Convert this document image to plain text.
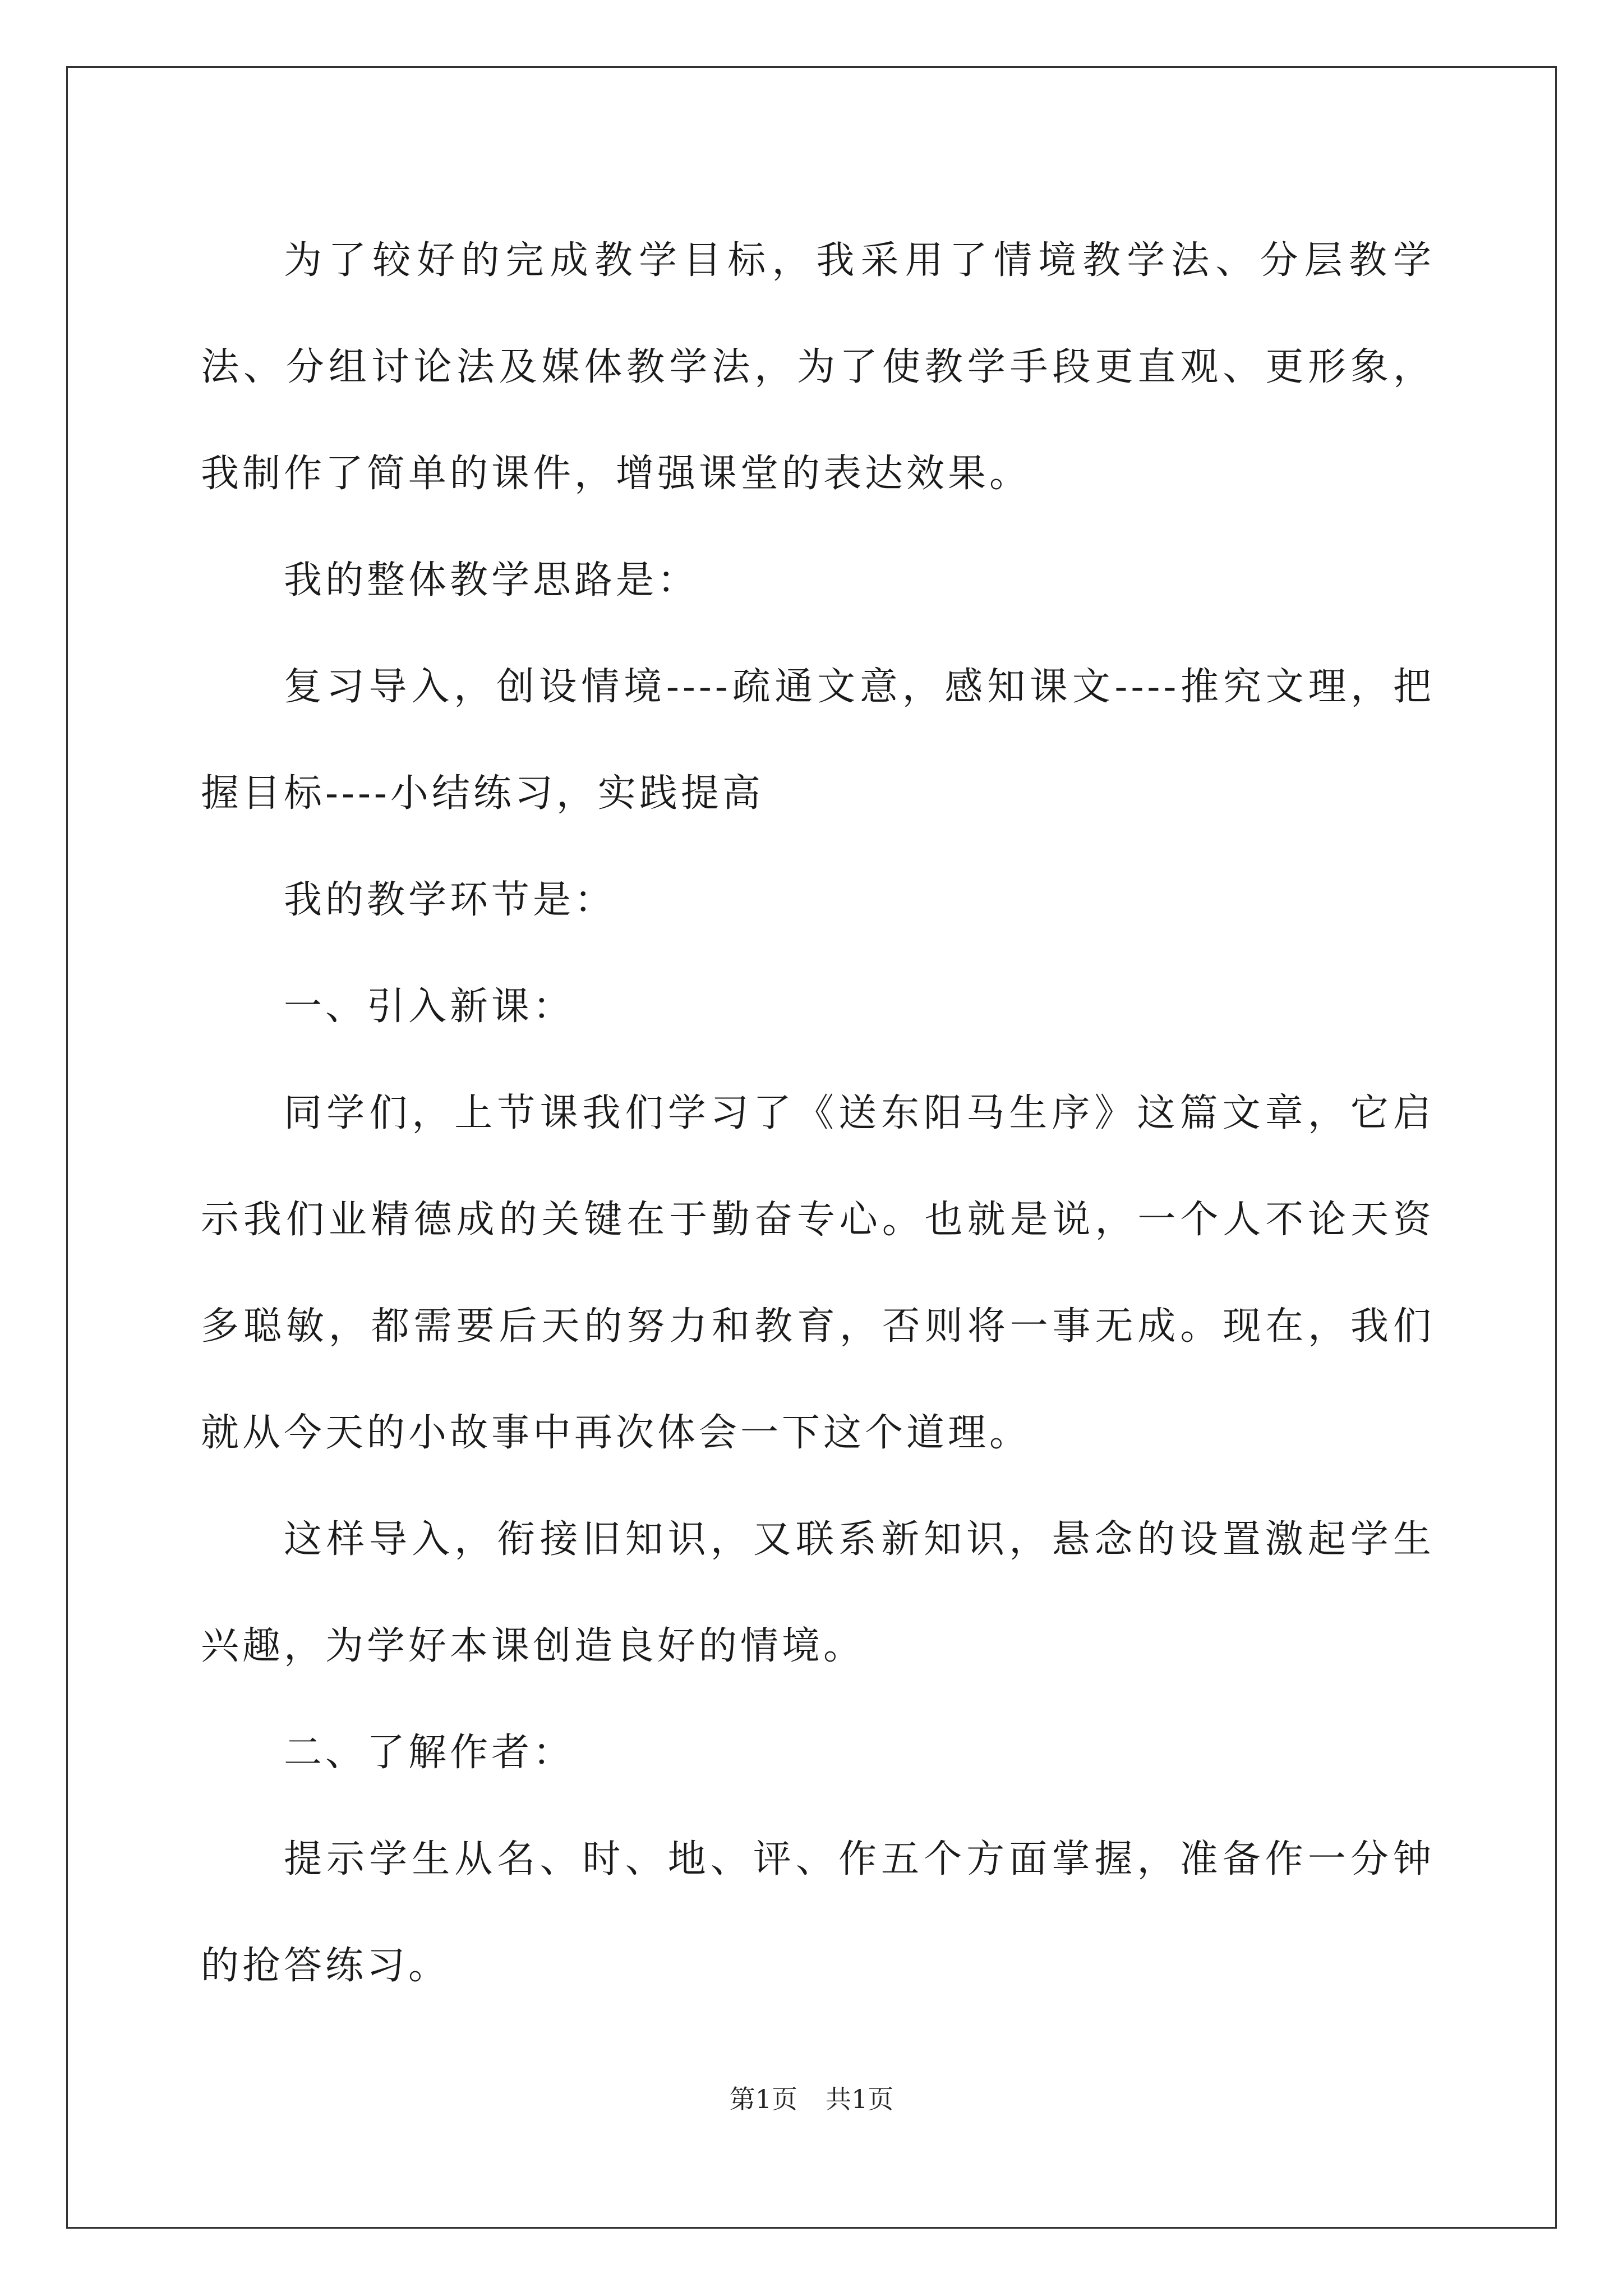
为了较好的完成教学目标，我采用了情境教学法、分层教学法、分组讨论法及媒体教学法，为了使教学手段更直观、更形象，我制作了简单的课件，增强课堂的表达效果。

我的整体教学思路是：

复习导入，创设情境----疏通文意，感知课文----推究文理，把握目标----小结练习，实践提高

我的教学环节是：

一、引入新课：

同学们，上节课我们学习了《送东阳马生序》这篇文章，它启示我们业精德成的关键在于勤奋专心。也就是说，一个人不论天资多聪敏，都需要后天的努力和教育，否则将一事无成。现在，我们就从今天的小故事中再次体会一下这个道理。

这样导入，衔接旧知识，又联系新知识，悬念的设置激起学生兴趣，为学好本课创造良好的情境。

二、了解作者：

提示学生从名、时、地、评、作五个方面掌握，准备作一分钟的抢答练习。

第1页 共1页
